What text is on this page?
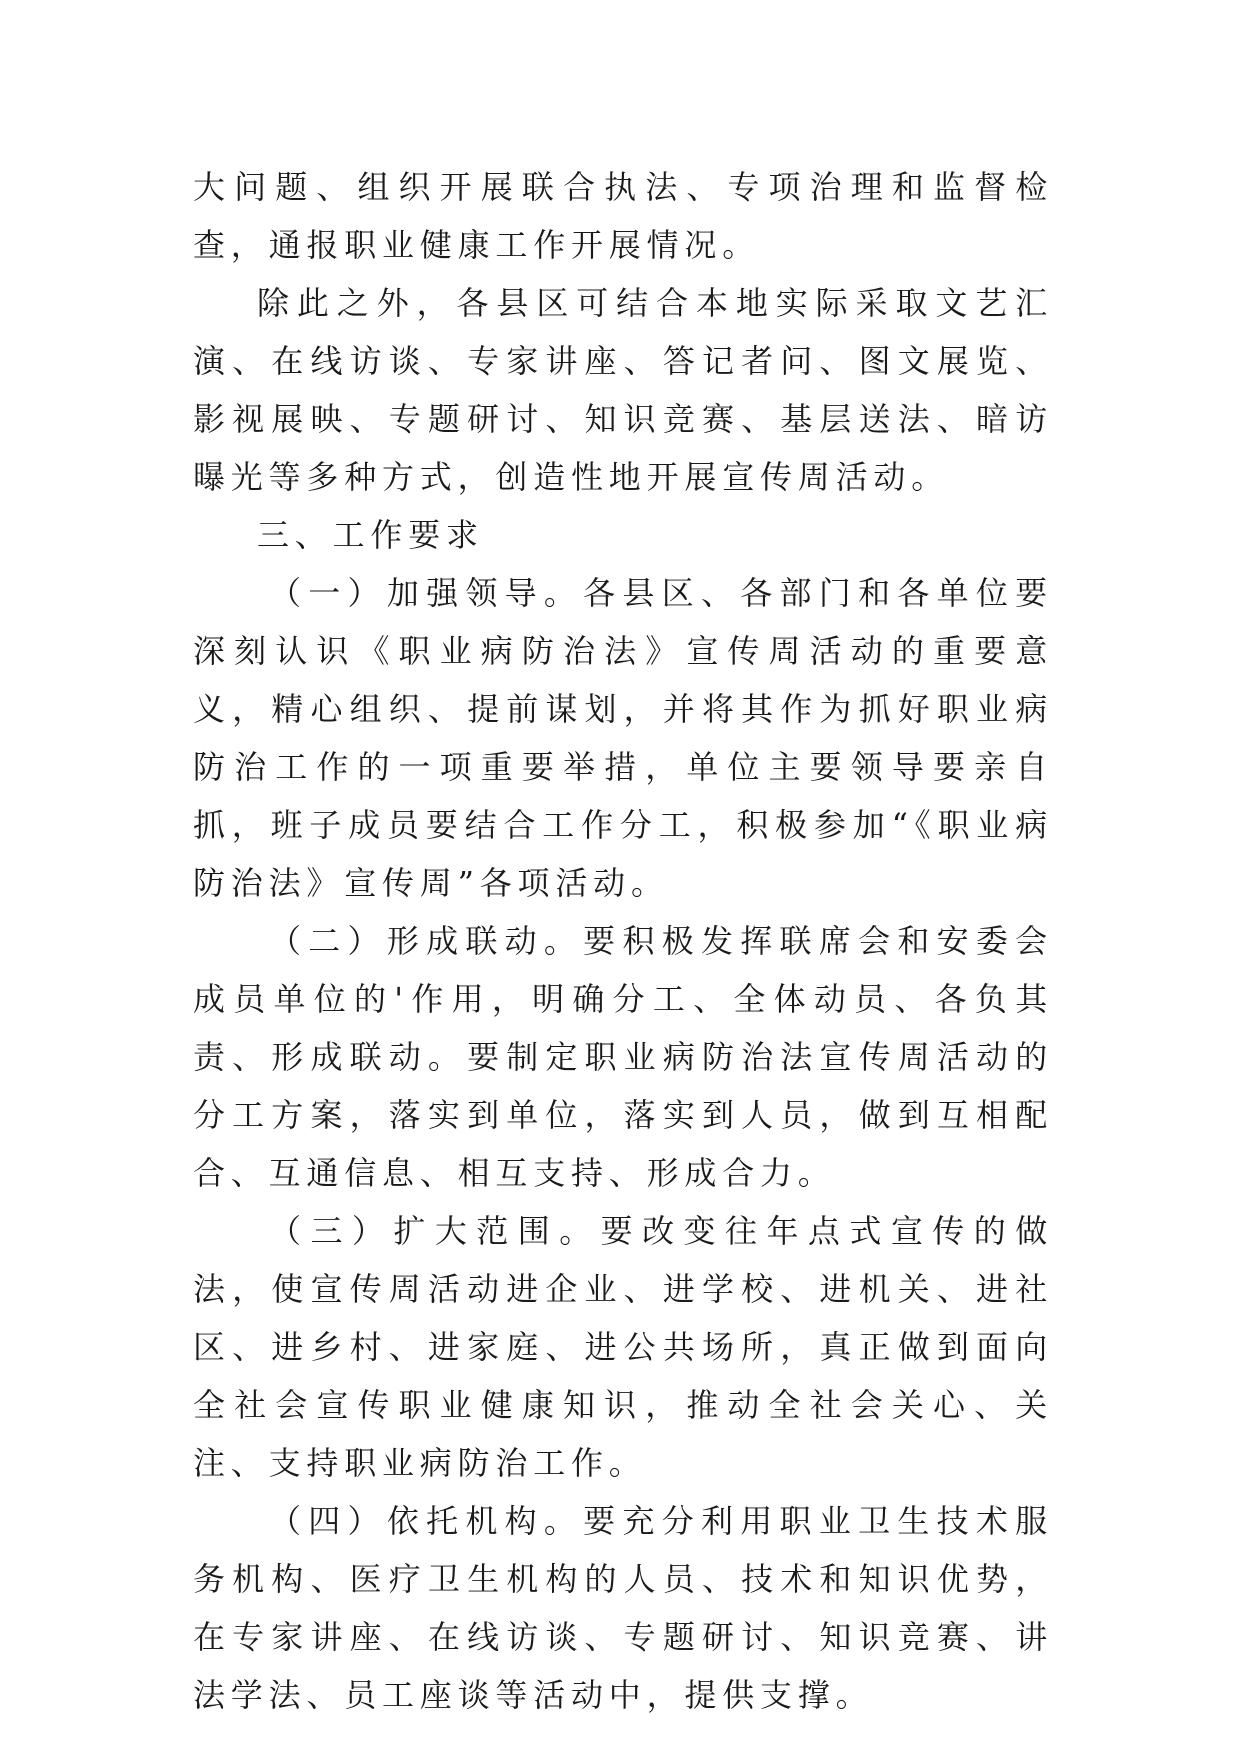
大问题、组织开展联合执法、专项治理和监督检查，通报职业健康工作开展情况。

除此之外，各县区可结合本地实际采取文艺汇演、在线访谈、专家讲座、答记者问、图文展览、影视展映、专题研讨、知识竞赛、基层送法、暗访曝光等多种方式，创造性地开展宣传周活动。

三、工作要求

（一）加强领导。各县区、各部门和各单位要深刻认识《职业病防治法》宣传周活动的重要意义，精心组织、提前谋划，并将其作为抓好职业病防治工作的一项重要举措，单位主要领导要亲自抓，班子成员要结合工作分工，积极参加“《职业病防治法》宣传周”各项活动。

（二）形成联动。要积极发挥联席会和安委会成员单位的'作用，明确分工、全体动员、各负其责、形成联动。要制定职业病防治法宣传周活动的分工方案，落实到单位，落实到人员，做到互相配合、互通信息、相互支持、形成合力。

（三）扩大范围。要改变往年点式宣传的做法，使宣传周活动进企业、进学校、进机关、进社区、进乡村、进家庭、进公共场所，真正做到面向全社会宣传职业健康知识，推动全社会关心、关注、支持职业病防治工作。

（四）依托机构。要充分利用职业卫生技术服务机构、医疗卫生机构的人员、技术和知识优势，在专家讲座、在线访谈、专题研讨、知识竞赛、讲法学法、员工座谈等活动中，提供支撑。
